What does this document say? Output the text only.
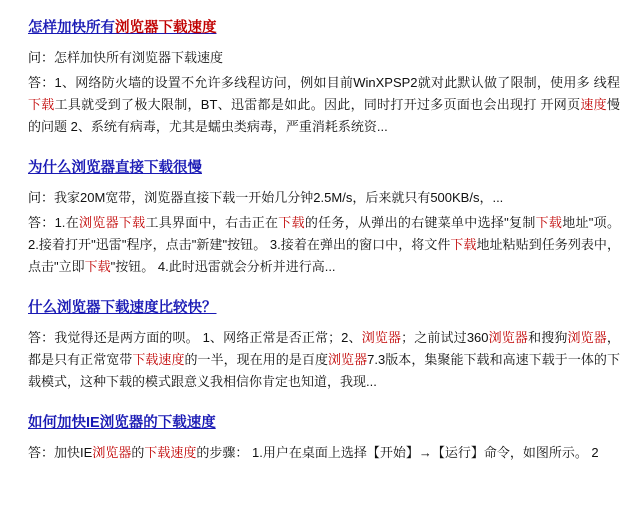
怎样加快所有浏览器下载速度
问：怎样加快所有浏览器下载速度
答：1、网络防火墙的设置不允许多线程访问，例如目前WinXPSP2就对此默认做了限制，使用多 线程下载工具就受到了极大限制，BT、迅雷都是如此。因此，同时打开过多页面也会出现打 开网页速度慢的问题 2、系统有病毒，尤其是蠕虫类病毒，严重消耗系统资...
为什么浏览器直接下载很慢
问：我家20M宽带，浏览器直接下载一开始几分钟2.5M/s，后来就只有500KB/s，...
答：1.在浏览器下载工具界面中，右击正在下载的任务，从弹出的右键菜单中选择"复制下载地址"项。 2.接着打开"迅雷"程序，点击"新建"按钮。 3.接着在弹出的窗口中，将文件下载地址粘贴到任务列表中，点击"立即下载"按钮。 4.此时迅雷就会分析并进行高...
什么浏览器下载速度比较快？
答：我觉得还是两方面的呗。 1、网络正常是否正常；2、浏览器；之前试过360浏览器和搜狗浏览器，都是只有正常宽带下载速度的一半，现在用的是百度浏览器7.3版本，集聚能下载和高速下载于一体的下载模式，这种下载的模式跟意义我相信你肯定也知道，我现...
如何加快IE浏览器的下载速度
答：加快IE浏览器的下载速度的步骤： 1.用户在桌面上选择【开始】→【运行】命令，如图所示。 2
